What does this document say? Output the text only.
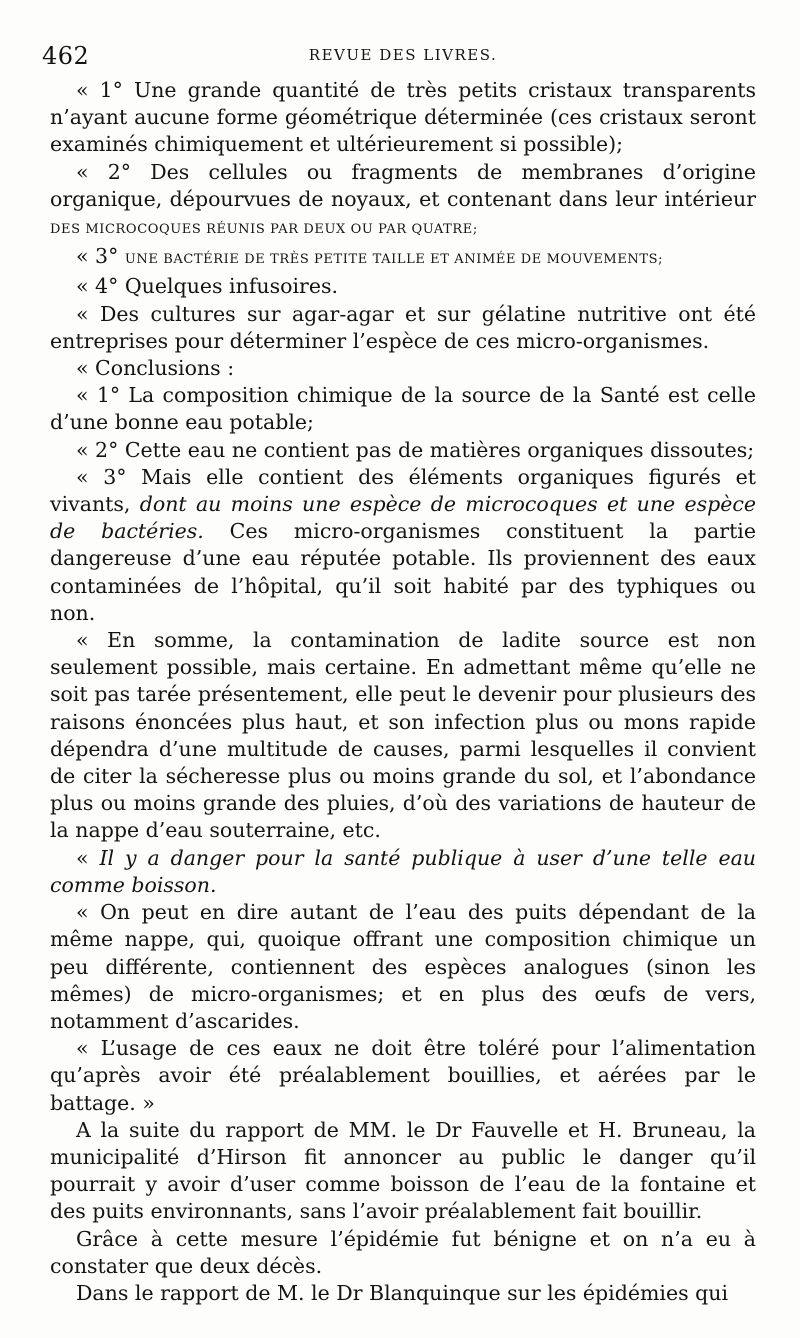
462	REVUE DES LIVRES.

« 1° Une grande quantité de très petits cristaux transparents n’ayant aucune forme géométrique déterminée (ces cristaux seront examinés chimiquement et ultérieurement si possible);

« 2° Des cellules ou fragments de membranes d’origine organique, dépourvues de noyaux, et contenant dans leur intérieur DES MICROCOQUES RÉUNIS PAR DEUX OU PAR QUATRE;

« 3° UNE BACTÉRIE DE TRÈS PETITE TAILLE ET ANIMÉE DE MOUVEMENTS;

« 4° Quelques infusoires.

« Des cultures sur agar-agar et sur gélatine nutritive ont été entreprises pour déterminer l’espèce de ces micro-organismes.

« Conclusions :

« 1° La composition chimique de la source de la Santé est celle d’une bonne eau potable;

« 2° Cette eau ne contient pas de matières organiques dissoutes;

« 3° Mais elle contient des éléments organiques figurés et vivants, dont au moins une espèce de microcoques et une espèce de bactéries. Ces micro-organismes constituent la partie dangereuse d’une eau réputée potable. Ils proviennent des eaux contaminées de l’hôpital, qu’il soit habité par des typhiques ou non.

« En somme, la contamination de ladite source est non seulement possible, mais certaine. En admettant même qu’elle ne soit pas tarée présentement, elle peut le devenir pour plusieurs des raisons énoncées plus haut, et son infection plus ou mons rapide dépendra d’une multitude de causes, parmi lesquelles il convient de citer la sécheresse plus ou moins grande du sol, et l’abondance plus ou moins grande des pluies, d’où des variations de hauteur de la nappe d’eau souterraine, etc.

« Il y a danger pour la santé publique à user d’une telle eau comme boisson.

« On peut en dire autant de l’eau des puits dépendant de la même nappe, qui, quoique offrant une composition chimique un peu différente, contiennent des espèces analogues (sinon les mêmes) de micro-organismes; et en plus des œufs de vers, notamment d’ascarides.

« L’usage de ces eaux ne doit être toléré pour l’alimentation qu’après avoir été préalablement bouillies, et aérées par le battage. »

A la suite du rapport de MM. le Dr Fauvelle et H. Bruneau, la municipalité d’Hirson fit annoncer au public le danger qu’il pourrait y avoir d’user comme boisson de l’eau de la fontaine et des puits environnants, sans l’avoir préalablement fait bouillir.

Grâce à cette mesure l’épidémie fut bénigne et on n’a eu à constater que deux décès.

Dans le rapport de M. le Dr Blanquinque sur les épidémies qui
